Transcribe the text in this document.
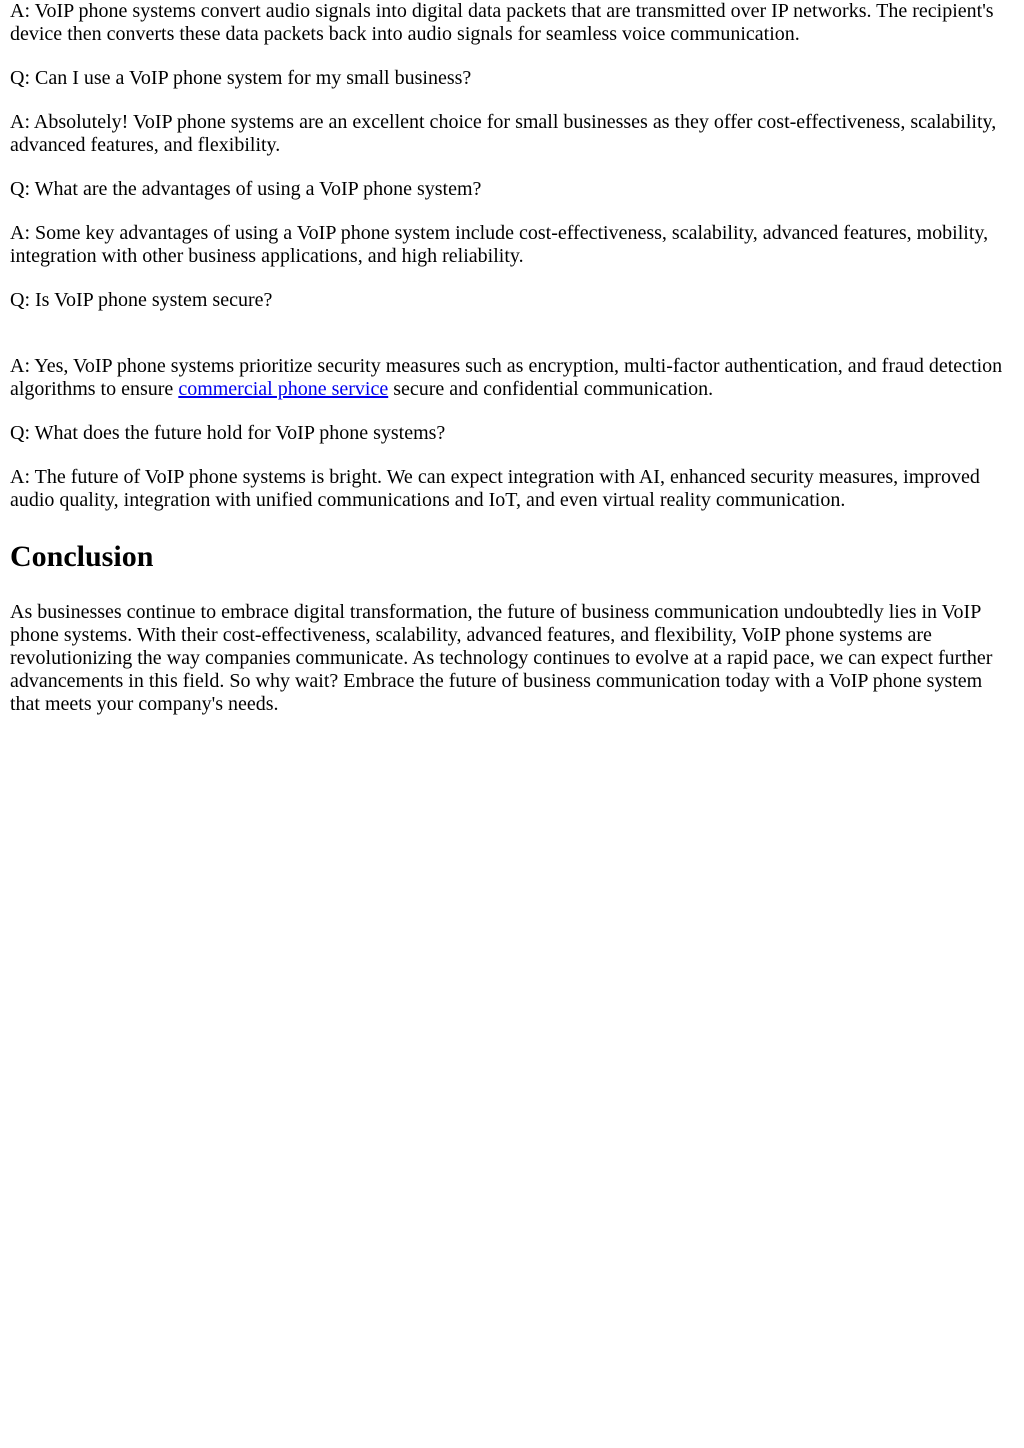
A: VoIP phone systems convert audio signals into digital data packets that are transmitted over IP networks. The recipient's device then converts these data packets back into audio signals for seamless voice communication.

Q: Can I use a VoIP phone system for my small business?

A: Absolutely! VoIP phone systems are an excellent choice for small businesses as they offer cost-effectiveness, scalability, advanced features, and flexibility.

Q: What are the advantages of using a VoIP phone system?

A: Some key advantages of using a VoIP phone system include cost-effectiveness, scalability, advanced features, mobility, integration with other business applications, and high reliability.

Q: Is VoIP phone system secure?

A: Yes, VoIP phone systems prioritize security measures such as encryption, multi-factor authentication, and fraud detection algorithms to ensure commercial phone service secure and confidential communication.

Q: What does the future hold for VoIP phone systems?

A: The future of VoIP phone systems is bright. We can expect integration with AI, enhanced security measures, improved audio quality, integration with unified communications and IoT, and even virtual reality communication.

Conclusion

As businesses continue to embrace digital transformation, the future of business communication undoubtedly lies in VoIP phone systems. With their cost-effectiveness, scalability, advanced features, and flexibility, VoIP phone systems are revolutionizing the way companies communicate. As technology continues to evolve at a rapid pace, we can expect further advancements in this field. So why wait? Embrace the future of business communication today with a VoIP phone system that meets your company's needs.
